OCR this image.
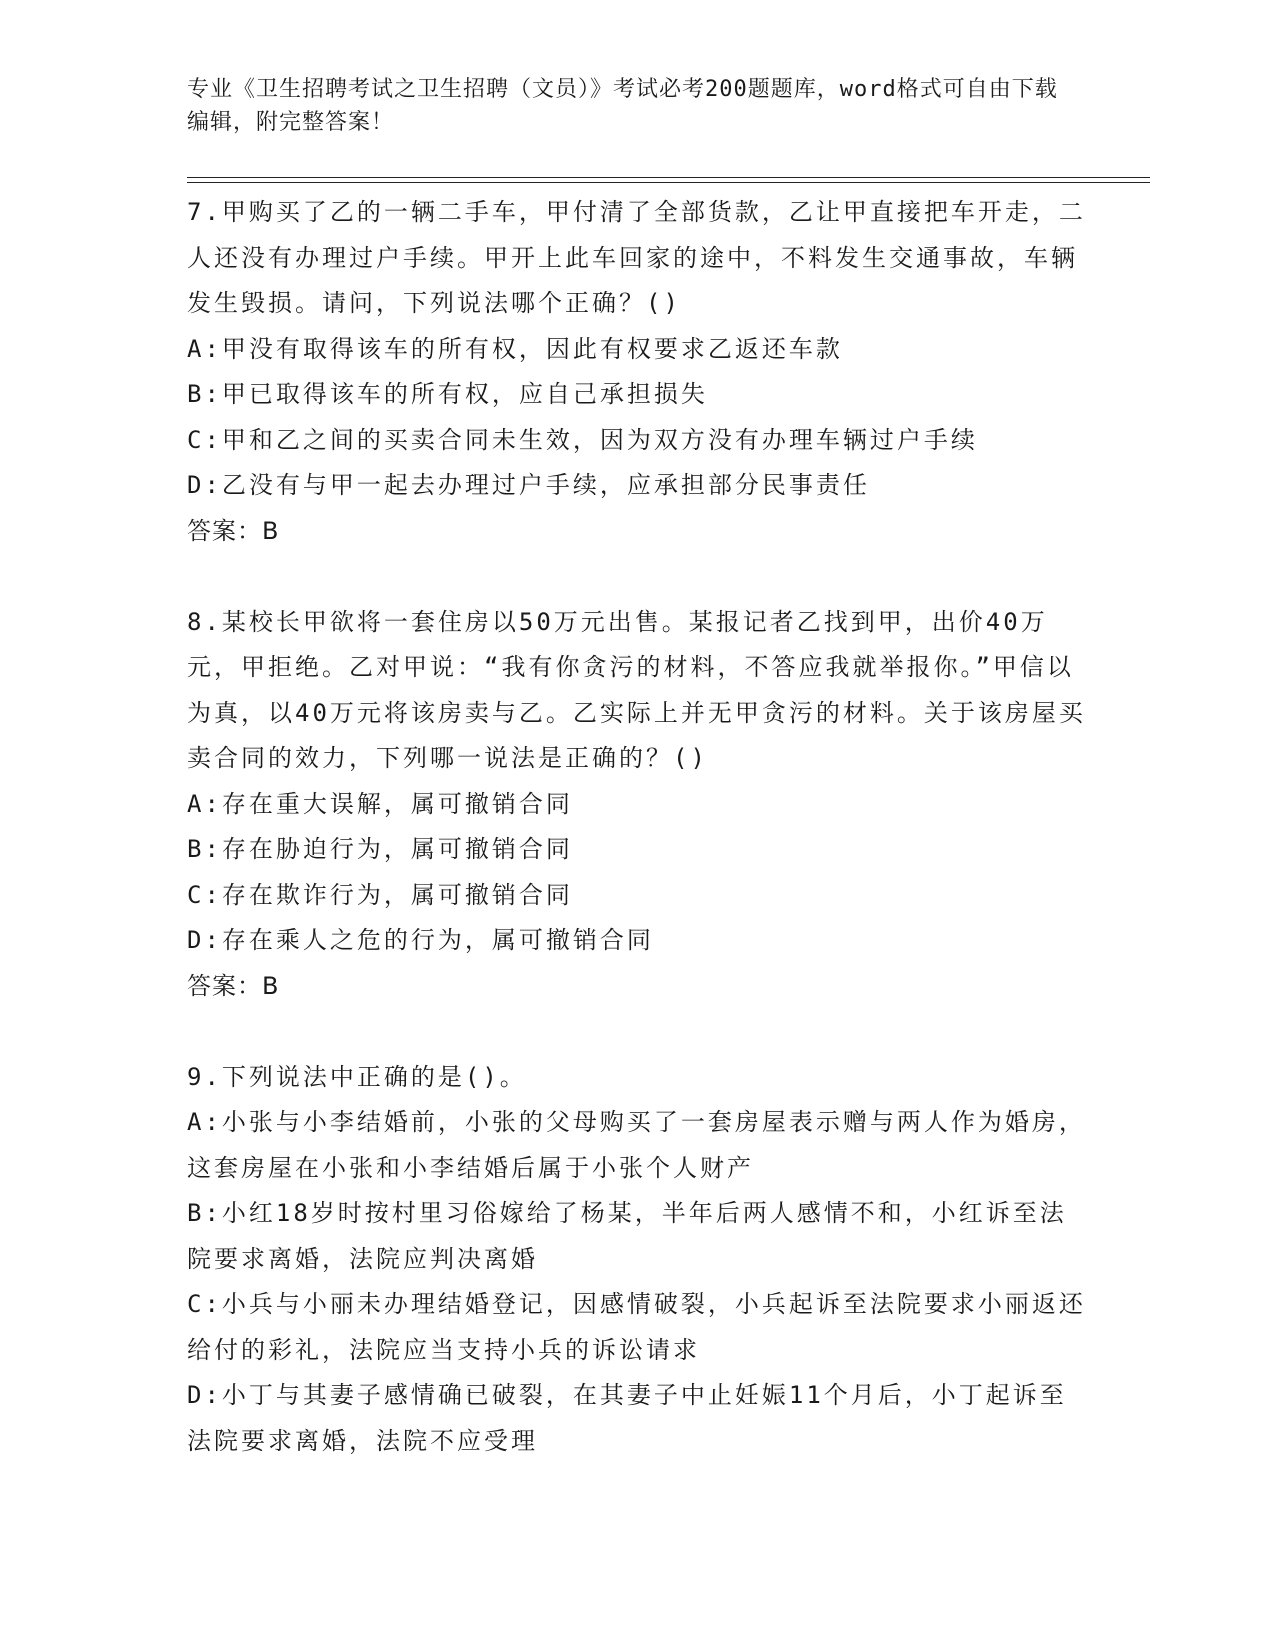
专业《卫生招聘考试之卫生招聘（文员）》考试必考200题题库，word格式可自由下载编辑，附完整答案！

7.甲购买了乙的一辆二手车，甲付清了全部货款，乙让甲直接把车开走，二人还没有办理过户手续。甲开上此车回家的途中，不料发生交通事故，车辆发生毁损。请问，下列说法哪个正确？()

A:甲没有取得该车的所有权，因此有权要求乙返还车款

B:甲已取得该车的所有权，应自己承担损失

C:甲和乙之间的买卖合同未生效，因为双方没有办理车辆过户手续

D:乙没有与甲一起去办理过户手续，应承担部分民事责任

答案：B

8.某校长甲欲将一套住房以50万元出售。某报记者乙找到甲，出价40万元，甲拒绝。乙对甲说：“我有你贪污的材料，不答应我就举报你。”甲信以为真，以40万元将该房卖与乙。乙实际上并无甲贪污的材料。关于该房屋买卖合同的效力，下列哪一说法是正确的？()

A:存在重大误解，属可撤销合同

B:存在胁迫行为，属可撤销合同

C:存在欺诈行为，属可撤销合同

D:存在乘人之危的行为，属可撤销合同

答案：B

9.下列说法中正确的是()。

A:小张与小李结婚前，小张的父母购买了一套房屋表示赠与两人作为婚房，这套房屋在小张和小李结婚后属于小张个人财产

B:小红18岁时按村里习俗嫁给了杨某，半年后两人感情不和，小红诉至法院要求离婚，法院应判决离婚

C:小兵与小丽未办理结婚登记，因感情破裂，小兵起诉至法院要求小丽返还给付的彩礼，法院应当支持小兵的诉讼请求

D:小丁与其妻子感情确已破裂，在其妻子中止妊娠11个月后，小丁起诉至法院要求离婚，法院不应受理
